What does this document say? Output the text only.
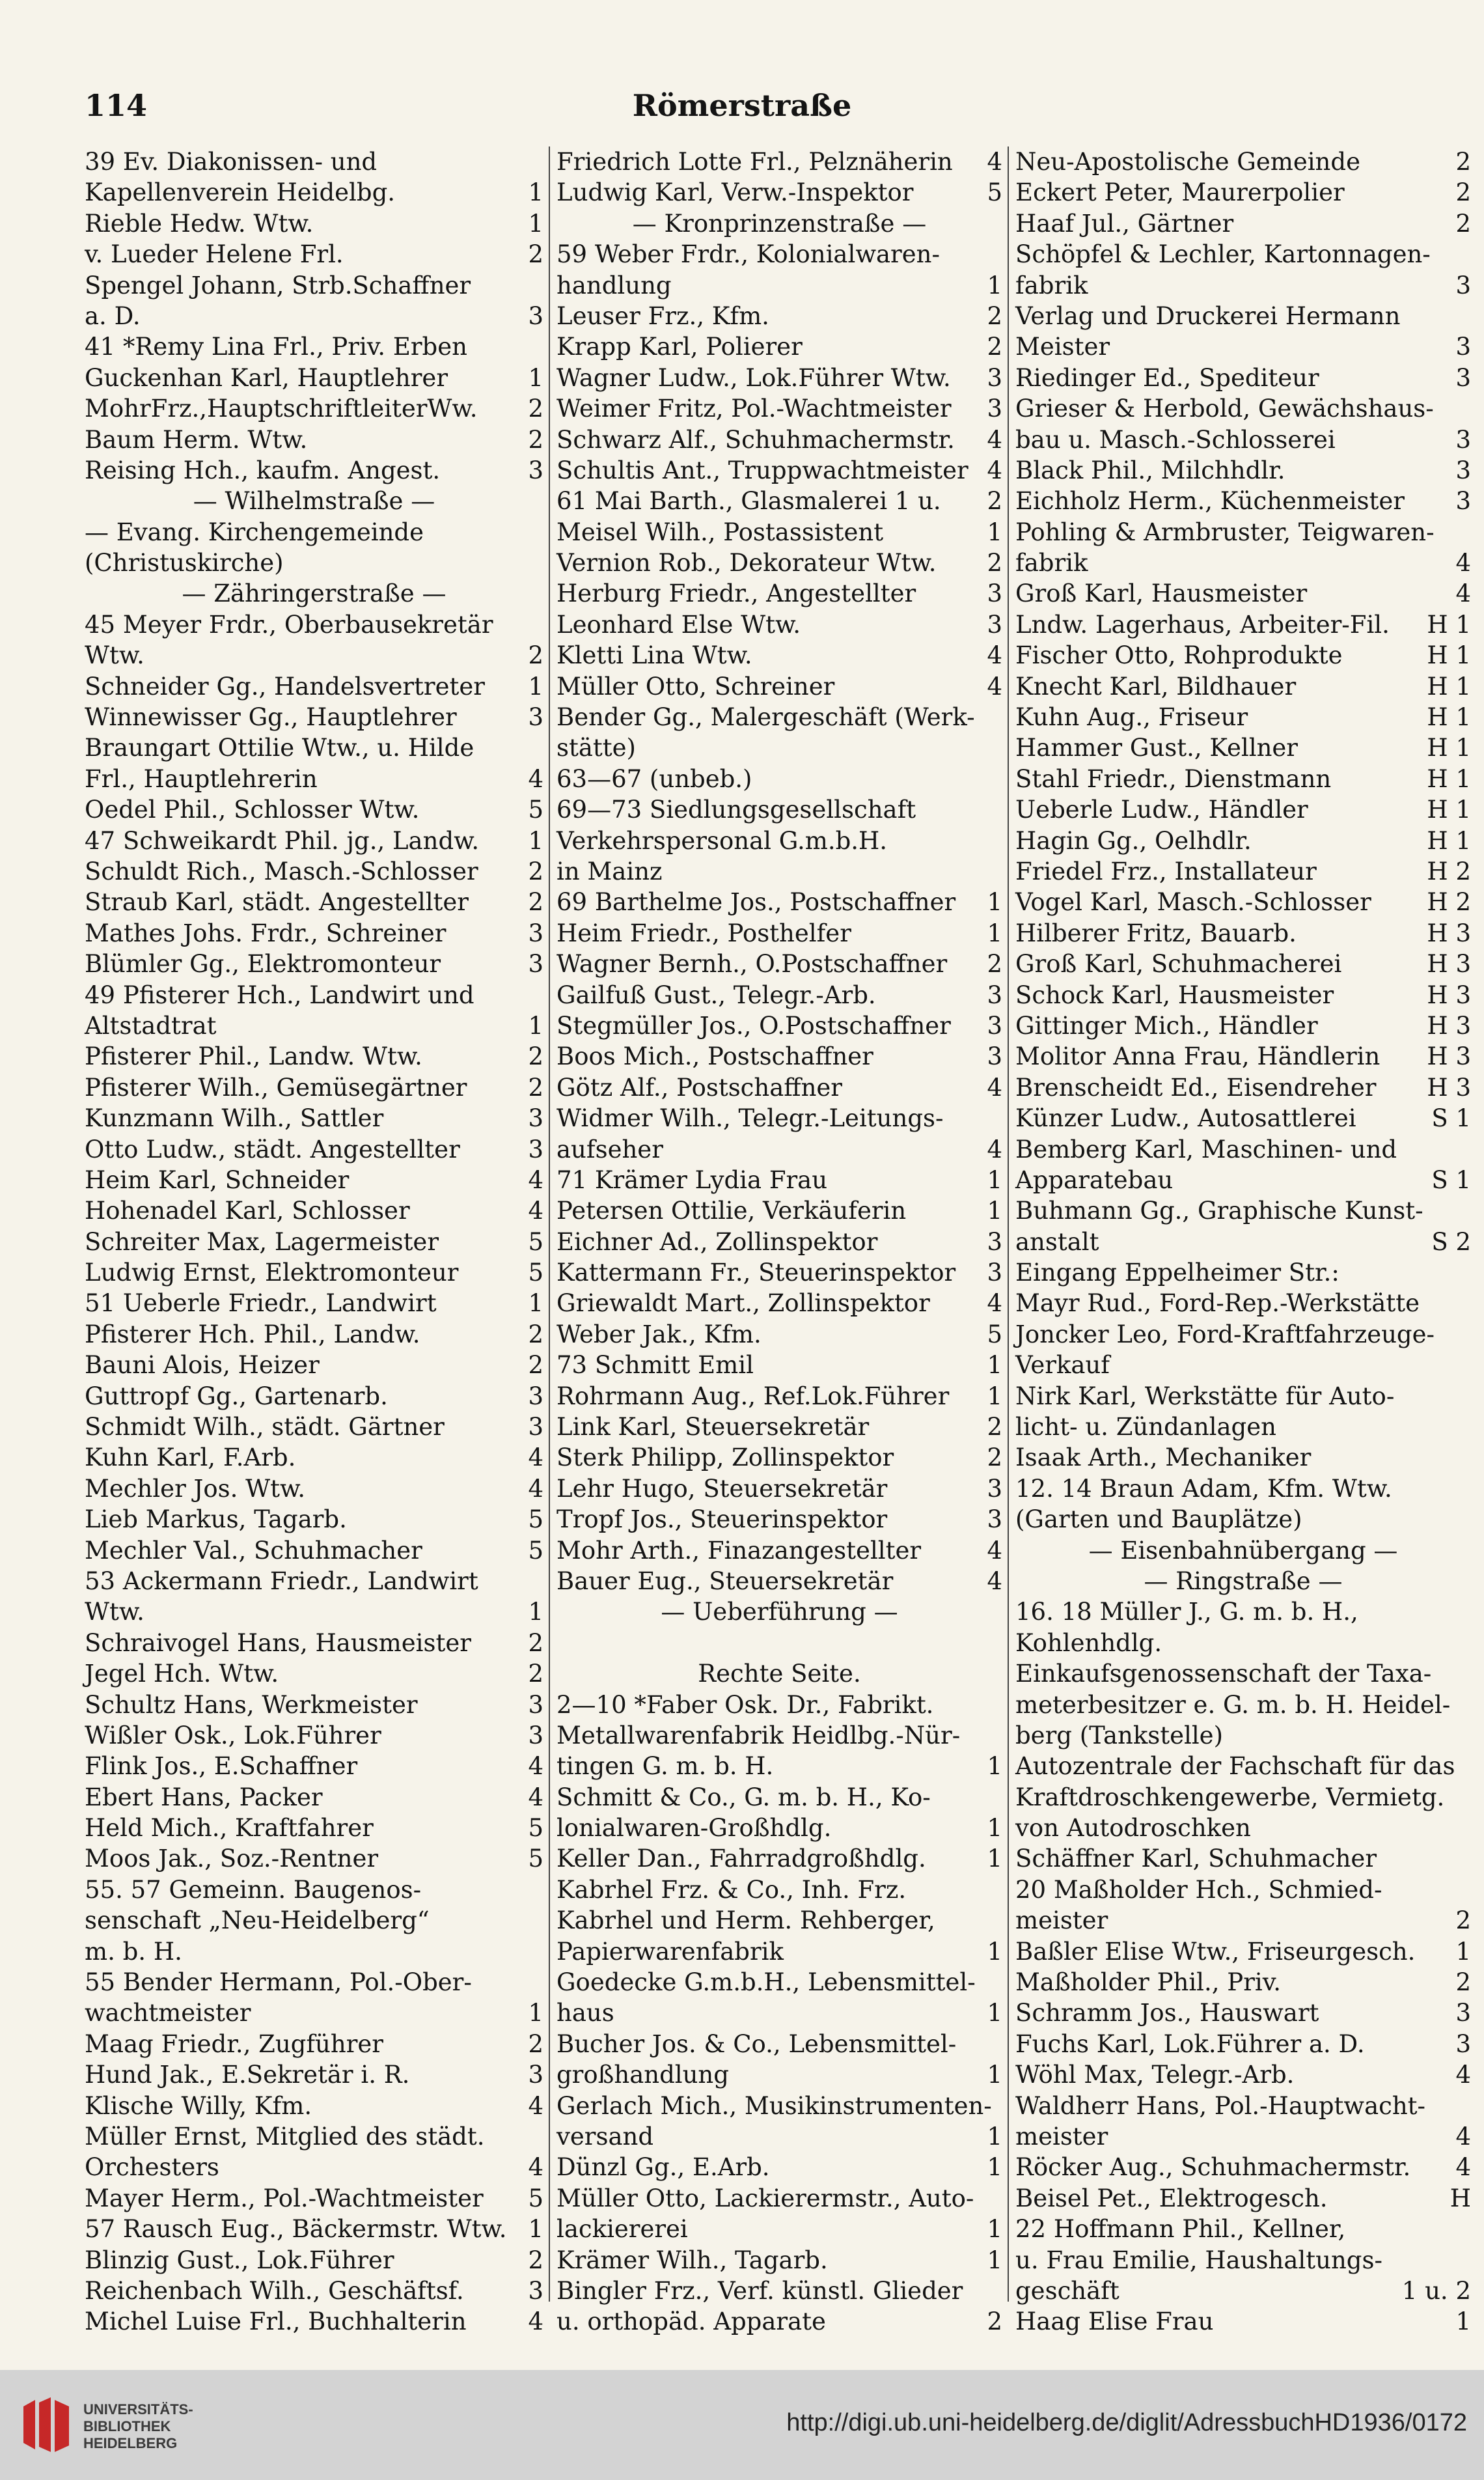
114	Römerstraße
39 Ev. Diakonissen- und
Kapellenverein Heidelbg.	1
Rieble Hedw. Wtw.	1
v. Lueder Helene Frl.	2
Spengel Johann, Strb.Schaffner
a. D.	3
41 *Remy Lina Frl., Priv. Erben
Guckenhan Karl, Hauptlehrer	1
MohrFrz.,HauptschriftleiterWw. 2
Baum Herm. Wtw.	2
Reising Hch., kaufm. Angest.	3
— Wilhelmstraße —
— Evang. Kirchengemeinde
(Christuskirche)
— Zähringerstraße —
45 Meyer Frdr., Oberbausekretär
Wtw.	2
Schneider Gg., Handelsvertreter 1
Winnewisser Gg., Hauptlehrer	3
Braungart Ottilie Wtw., u. Hilde
Frl., Hauptlehrerin	4
Oedel Phil., Schlosser Wtw.	5
47 Schweikardt Phil. jg., Landw. 1
Schuldt Rich., Masch.-Schlosser 2
Straub Karl, städt. Angestellter 2
Mathes Johs. Frdr., Schreiner	3
Blümler Gg., Elektromonteur	3
49 Pfisterer Hch., Landwirt und
Altstadtrat	1
Pfisterer Phil., Landw. Wtw.	2
Pfisterer Wilh., Gemüsegärtner	2
Kunzmann Wilh., Sattler	3
Otto Ludw., städt. Angestellter	3
Heim Karl, Schneider	4
Hohenadel Karl, Schlosser	4
Schreiter Max, Lagermeister	5
Ludwig Ernst, Elektromonteur	5
51 Ueberle Friedr., Landwirt	1
Pfisterer Hch. Phil., Landw.	2
Bauni Alois, Heizer	2
Guttropf Gg., Gartenarb.	3
Schmidt Wilh., städt. Gärtner	3
Kuhn Karl, F.Arb.	4
Mechler Jos. Wtw.	4
Lieb Markus, Tagarb.	5
Mechler Val., Schuhmacher	5
53 Ackermann Friedr., Landwirt
Wtw.	1
Schraivogel Hans, Hausmeister 2
Jegel Hch. Wtw.	2
Schultz Hans, Werkmeister	3
Wißler Osk., Lok.Führer	3
Flink Jos., E.Schaffner	4
Ebert Hans, Packer	4
Held Mich., Kraftfahrer	5
Moos Jak., Soz.-Rentner	5
55. 57 Gemeinn. Baugenos-
senschaft „Neu-Heidelberg“
m. b. H.
55 Bender Hermann, Pol.-Ober-
wachtmeister	1
Maag Friedr., Zugführer	2
Hund Jak., E.Sekretär i. R.	3
Klische Willy, Kfm.	4
Müller Ernst, Mitglied des städt.
Orchesters	4
Mayer Herm., Pol.-Wachtmeister 5
57 Rausch Eug., Bäckermstr. Wtw. 1
Blinzig Gust., Lok.Führer	2
Reichenbach Wilh., Geschäftsf.	3
Michel Luise Frl., Buchhalterin	4
Friedrich Lotte Frl., Pelznäherin 4
Ludwig Karl, Verw.-Inspektor	5
— Kronprinzenstraße —
59 Weber Frdr., Kolonialwaren-
handlung	1
Leuser Frz., Kfm.	2
Krapp Karl, Polierer	2
Wagner Ludw., Lok.Führer Wtw. 3
Weimer Fritz, Pol.-Wachtmeister 3
Schwarz Alf., Schuhmachermstr. 4
Schultis Ant., Truppwachtmeister 4
61 Mai Barth., Glasmalerei 1 u. 2
Meisel Wilh., Postassistent	1
Vernion Rob., Dekorateur Wtw. 2
Herburg Friedr., Angestellter	3
Leonhard Else Wtw.	3
Kletti Lina Wtw.	4
Müller Otto, Schreiner	4
Bender Gg., Malergeschäft (Werk-
stätte)
63—67 (unbeb.)
69—73 Siedlungsgesellschaft
Verkehrspersonal G.m.b.H.
in Mainz
69 Barthelme Jos., Postschaffner 1
Heim Friedr., Posthelfer	1
Wagner Bernh., O.Postschaffner 2
Gailfuß Gust., Telegr.-Arb.	3
Stegmüller Jos., O.Postschaffner 3
Boos Mich., Postschaffner	3
Götz Alf., Postschaffner	4
Widmer Wilh., Telegr.-Leitungs-
aufseher	4
71 Krämer Lydia Frau	1
Petersen Ottilie, Verkäuferin	1
Eichner Ad., Zollinspektor	3
Kattermann Fr., Steuerinspektor 3
Griewaldt Mart., Zollinspektor 4
Weber Jak., Kfm.	5
73 Schmitt Emil	1
Rohrmann Aug., Ref.Lok.Führer 1
Link Karl, Steuersekretär	2
Sterk Philipp, Zollinspektor	2
Lehr Hugo, Steuersekretär	3
Tropf Jos., Steuerinspektor	3
Mohr Arth., Finazangestellter	4
Bauer Eug., Steuersekretär	4
— Ueberführung —
Rechte Seite.
2—10 *Faber Osk. Dr., Fabrikt.
Metallwarenfabrik Heidlbg.-Nür-
tingen G. m. b. H.	1
Schmitt & Co., G. m. b. H., Ko-
lonialwaren-Großhdlg.	1
Keller Dan., Fahrradgroßhdlg.	1
Kabrhel Frz. & Co., Inh. Frz.
Kabrhel und Herm. Rehberger,
Papierwarenfabrik	1
Goedecke G.m.b.H., Lebensmittel-
haus	1
Bucher Jos. & Co., Lebensmittel-
großhandlung	1
Gerlach Mich., Musikinstrumenten-
versand	1
Dünzl Gg., E.Arb.	1
Müller Otto, Lackierermstr., Auto-
lackiererei	1
Krämer Wilh., Tagarb.	1
Bingler Frz., Verf. künstl. Glieder
u. orthopäd. Apparate	2
Neu-Apostolische Gemeinde	2
Eckert Peter, Maurerpolier	2
Haaf Jul., Gärtner	2
Schöpfel & Lechler, Kartonnagen-
fabrik	3
Verlag und Druckerei Hermann
Meister	3
Riedinger Ed., Spediteur	3
Grieser & Herbold, Gewächshaus-
bau u. Masch.-Schlosserei	3
Black Phil., Milchhdlr.	3
Eichholz Herm., Küchenmeister 3
Pohling & Armbruster, Teigwaren-
fabrik	4
Groß Karl, Hausmeister	4
Lndw. Lagerhaus, Arbeiter-Fil. H 1
Fischer Otto, Rohprodukte	H 1
Knecht Karl, Bildhauer	H 1
Kuhn Aug., Friseur	H 1
Hammer Gust., Kellner	H 1
Stahl Friedr., Dienstmann	H 1
Ueberle Ludw., Händler	H 1
Hagin Gg., Oelhdlr.	H 1
Friedel Frz., Installateur	H 2
Vogel Karl, Masch.-Schlosser H 2
Hilberer Fritz, Bauarb.	H 3
Groß Karl, Schuhmacherei	H 3
Schock Karl, Hausmeister	H 3
Gittinger Mich., Händler	H 3
Molitor Anna Frau, Händlerin H 3
Brenscheidt Ed., Eisendreher H 3
Künzer Ludw., Autosattlerei	S 1
Bemberg Karl, Maschinen- und
Apparatebau	S 1
Buhmann Gg., Graphische Kunst-
anstalt	S 2
Eingang Eppelheimer Str.:
Mayr Rud., Ford-Rep.-Werkstätte
Joncker Leo, Ford-Kraftfahrzeuge-
Verkauf
Nirk Karl, Werkstätte für Auto-
licht- u. Zündanlagen
Isaak Arth., Mechaniker
12. 14 Braun Adam, Kfm. Wtw.
(Garten und Bauplätze)
— Eisenbahnübergang —
— Ringstraße —
16. 18 Müller J., G. m. b. H.,
Kohlenhdlg.
Einkaufsgenossenschaft der Taxa-
meterbesitzer e. G. m. b. H. Heidel-
berg (Tankstelle)
Autozentrale der Fachschaft für das
Kraftdroschkengewerbe, Vermietg.
von Autodroschken
Schäffner Karl, Schuhmacher
20 Maßholder Hch., Schmied-
meister	2
Baßler Elise Wtw., Friseurgesch. 1
Maßholder Phil., Priv.	2
Schramm Jos., Hauswart	3
Fuchs Karl, Lok.Führer a. D.	3
Wöhl Max, Telegr.-Arb.	4
Waldherr Hans, Pol.-Hauptwacht-
meister	4
Röcker Aug., Schuhmachermstr. 4
Beisel Pet., Elektrogesch.	H
22 Hoffmann Phil., Kellner,
u. Frau Emilie, Haushaltungs-
geschäft	1 u. 2
Haag Elise Frau	1
UNIVERSITÄTS-
BIBLIOTHEK
HEIDELBERG
http://digi.ub.uni-heidelberg.de/diglit/AdressbuchHD1936/0172
